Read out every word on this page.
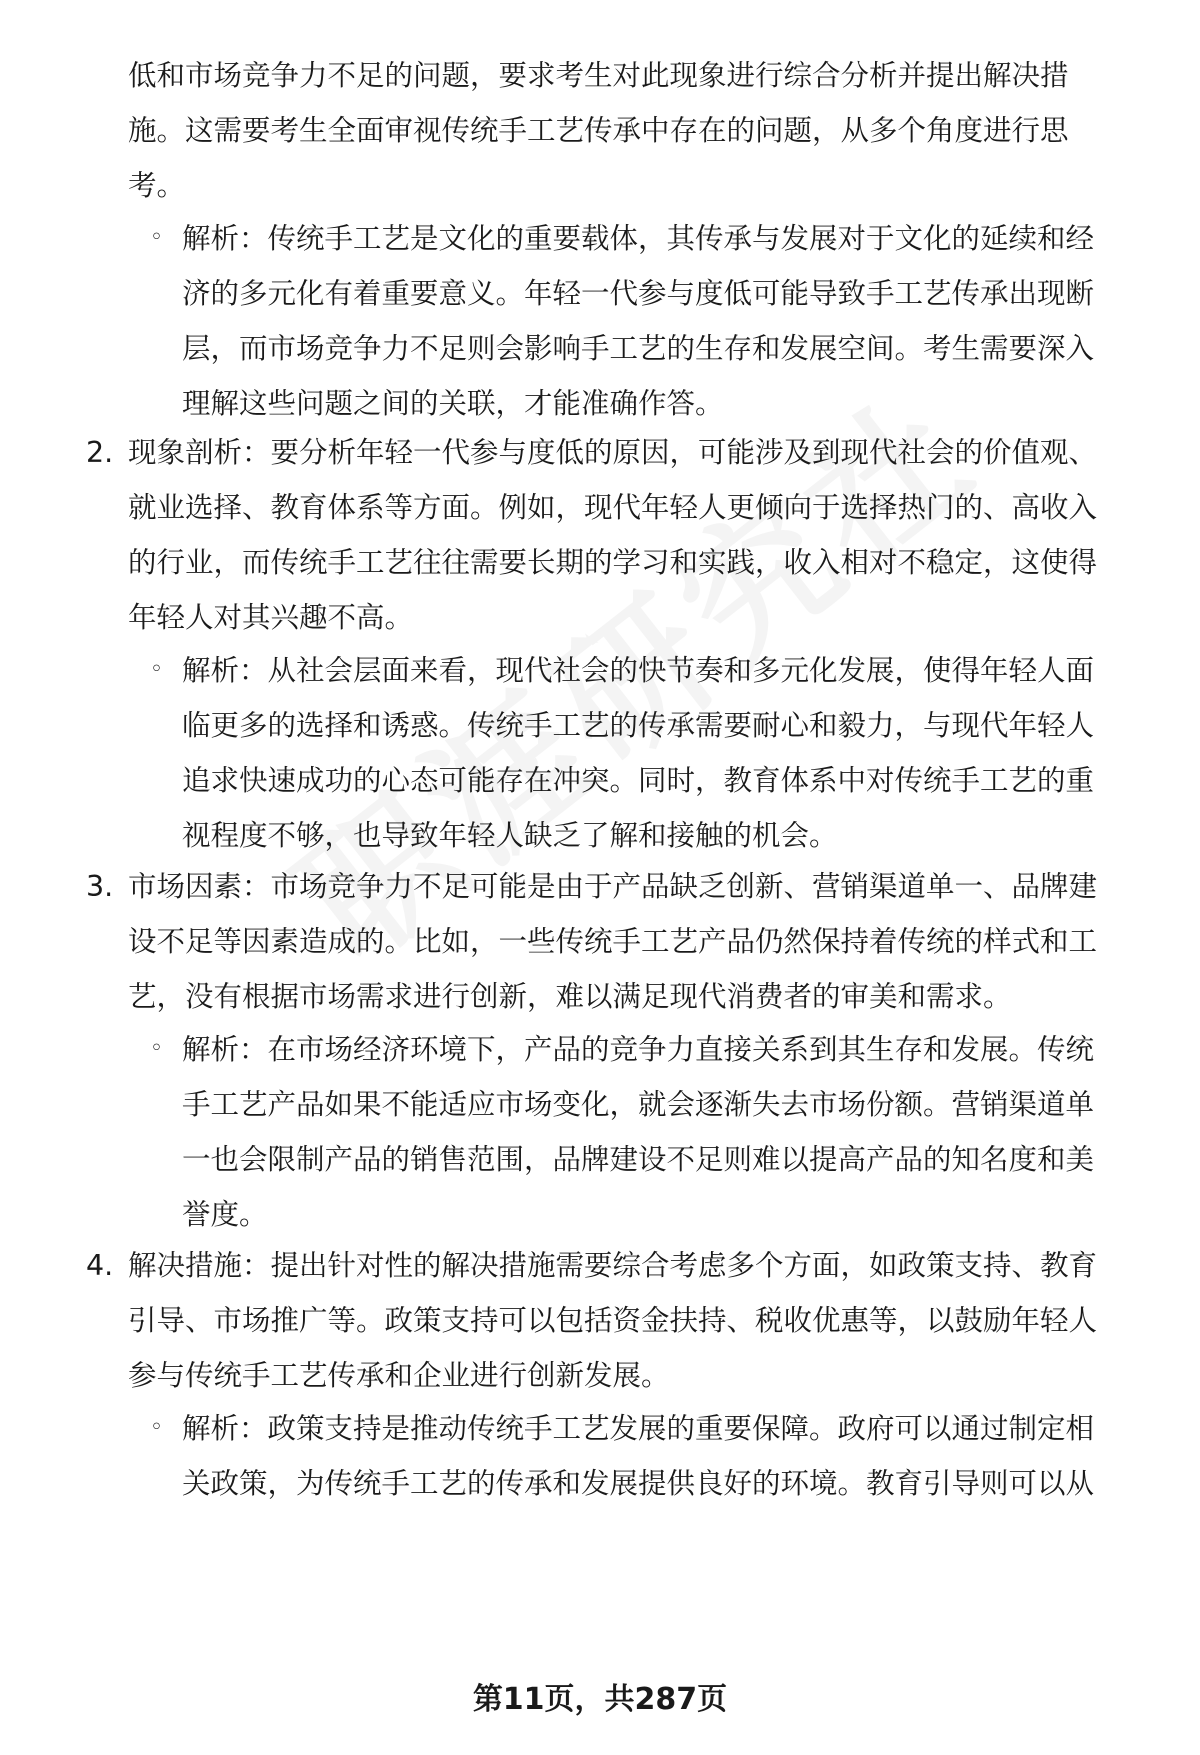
低和市场竞争力不足的问题，要求考生对此现象进行综合分析并提出解决措
施。这需要考生全面审视传统手工艺传承中存在的问题，从多个角度进行思
考。
◦ 解析：传统手工艺是文化的重要载体，其传承与发展对于文化的延续和经
济的多元化有着重要意义。年轻一代参与度低可能导致手工艺传承出现断
层，而市场竞争力不足则会影响手工艺的生存和发展空间。考生需要深入
理解这些问题之间的关联，才能准确作答。
2. 现象剖析：要分析年轻一代参与度低的原因，可能涉及到现代社会的价值观、
就业选择、教育体系等方面。例如，现代年轻人更倾向于选择热门的、高收入
的行业，而传统手工艺往往需要长期的学习和实践，收入相对不稳定，这使得
年轻人对其兴趣不高。
◦ 解析：从社会层面来看，现代社会的快节奏和多元化发展，使得年轻人面
临更多的选择和诱惑。传统手工艺的传承需要耐心和毅力，与现代年轻人
追求快速成功的心态可能存在冲突。同时，教育体系中对传统手工艺的重
视程度不够，也导致年轻人缺乏了解和接触的机会。
3. 市场因素：市场竞争力不足可能是由于产品缺乏创新、营销渠道单一、品牌建
设不足等因素造成的。比如，一些传统手工艺产品仍然保持着传统的样式和工
艺，没有根据市场需求进行创新，难以满足现代消费者的审美和需求。
◦ 解析：在市场经济环境下，产品的竞争力直接关系到其生存和发展。传统
手工艺产品如果不能适应市场变化，就会逐渐失去市场份额。营销渠道单
一也会限制产品的销售范围，品牌建设不足则难以提高产品的知名度和美
誉度。
4. 解决措施：提出针对性的解决措施需要综合考虑多个方面，如政策支持、教育
引导、市场推广等。政策支持可以包括资金扶持、税收优惠等，以鼓励年轻人
参与传统手工艺传承和企业进行创新发展。
◦ 解析：政策支持是推动传统手工艺发展的重要保障。政府可以通过制定相
关政策，为传统手工艺的传承和发展提供良好的环境。教育引导则可以从
第11页，共287页
